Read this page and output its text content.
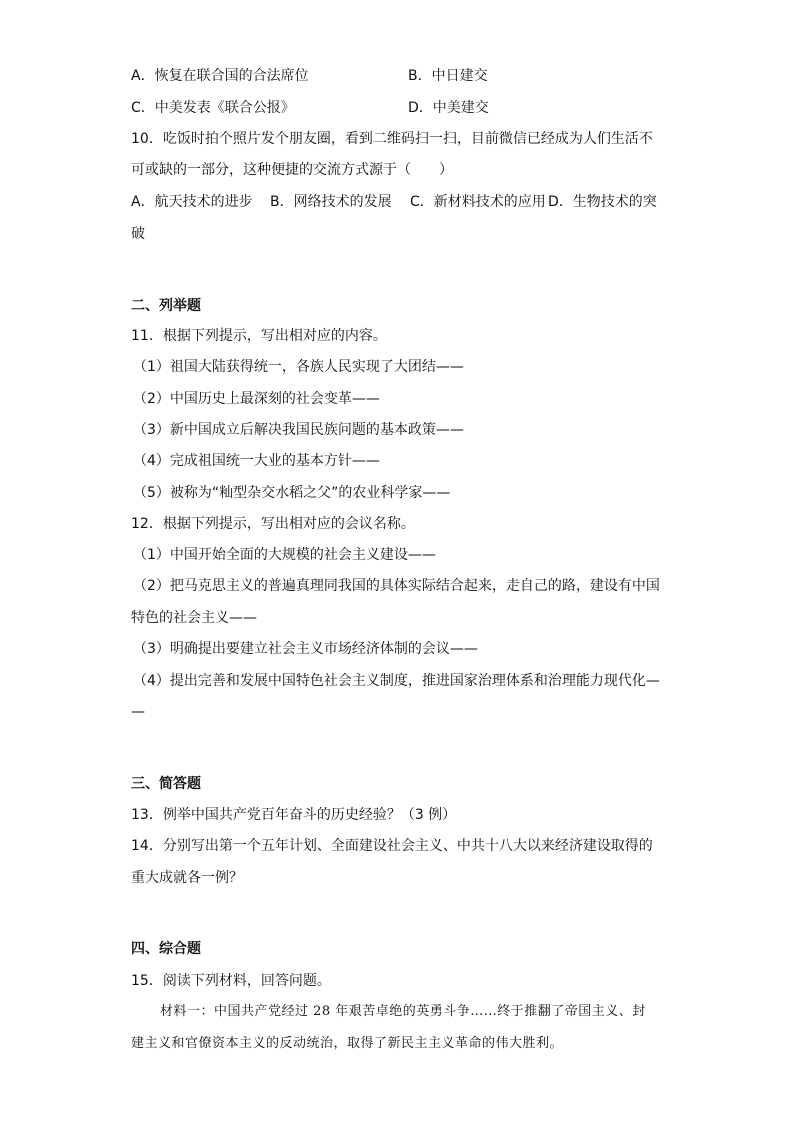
A．恢复在联合国的合法席位	B．中日建交
C．中美发表《联合公报》	D．中美建交
10．吃饭时拍个照片发个朋友圈，看到二维码扫一扫，目前微信已经成为人们生活不
可或缺的一部分，这种便捷的交流方式源于（　　）
A．航天技术的进步 B．网络技术的发展 C．新材料技术的应用 D．生物技术的突
破
二、列举题
11．根据下列提示，写出相对应的内容。
（1）祖国大陆获得统一，各族人民实现了大团结——
（2）中国历史上最深刻的社会变革——
（3）新中国成立后解决我国民族问题的基本政策——
（4）完成祖国统一大业的基本方针——
（5）被称为“籼型杂交水稻之父”的农业科学家——
12．根据下列提示，写出相对应的会议名称。
（1）中国开始全面的大规模的社会主义建设——
（2）把马克思主义的普遍真理同我国的具体实际结合起来，走自己的路，建设有中国
特色的社会主义——
（3）明确提出要建立社会主义市场经济体制的会议——
（4）提出完善和发展中国特色社会主义制度，推进国家治理体系和治理能力现代化—
—
三、简答题
13．例举中国共产党百年奋斗的历史经验？（3 例）
14．分别写出第一个五年计划、全面建设社会主义、中共十八大以来经济建设取得的
重大成就各一例？
四、综合题
15．阅读下列材料，回答问题。
材料一：中国共产党经过 28 年艰苦卓绝的英勇斗争……终于推翻了帝国主义、封
建主义和官僚资本主义的反动统治，取得了新民主主义革命的伟大胜利。
